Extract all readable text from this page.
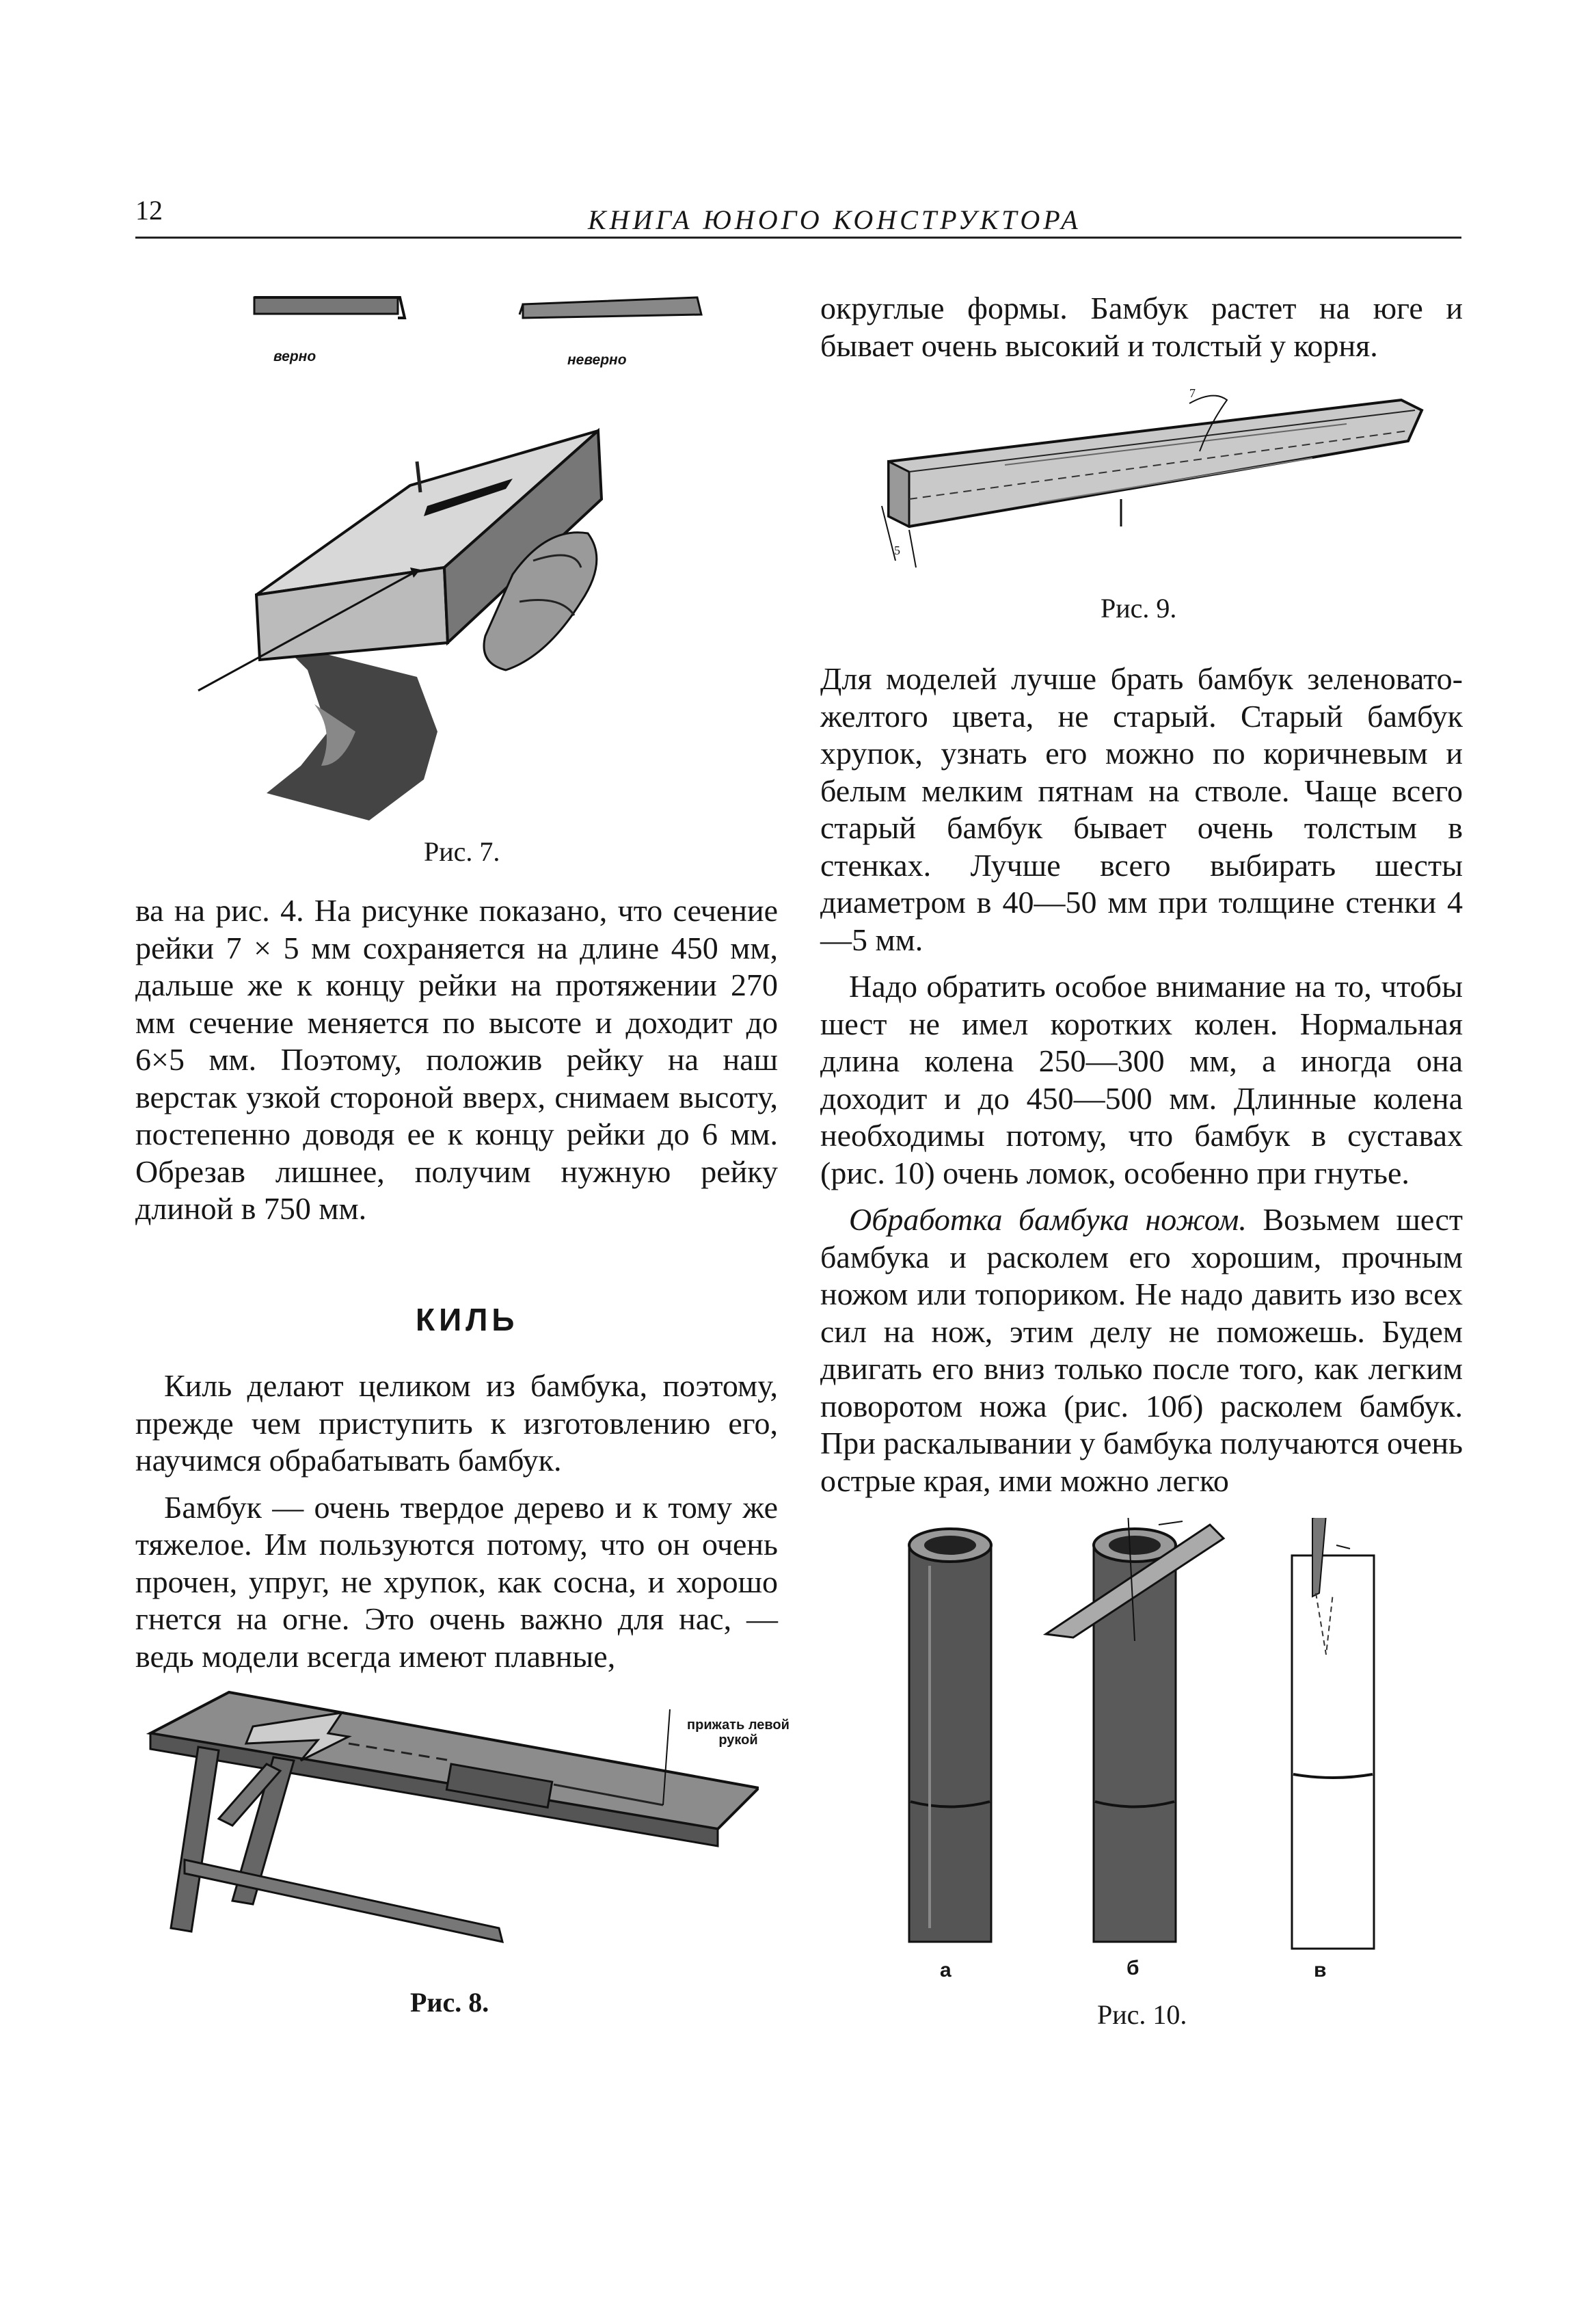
12	КНИГА ЮНОГО КОНСТРУКТОРА
верно	неверно
Рис. 7.

ва на рис. 4. На рисунке показано, что сечение рейки 7 × 5 мм сохраняется на длине 450 мм, дальше же к концу рейки на протяжении 270 мм сечение меняется по высоте и доходит до 6×5 мм. Поэтому, положив рейку на наш верстак узкой стороной вверх, снимаем высоту, постепенно доводя ее к концу рейки до 6 мм. Обрезав лишнее, получим нужную рейку длиной в 750 мм.

КИЛЬ

Киль делают целиком из бамбука, поэтому, прежде чем приступить к изготовлению его, научимся обрабатывать бамбук.

Бамбук — очень твердое дерево и к тому же тяжелое. Им пользуются потому, что он очень прочен, упруг, не хрупок, как сосна, и хорошо гнется на огне. Это очень важно для нас, — ведь модели всегда имеют плавные,

прижать левой рукой
Рис. 8.

округлые формы. Бамбук растет на юге и бывает очень высокий и толстый у корня.

7
5
Рис. 9.

Для моделей лучше брать бамбук зеленовато-желтого цвета, не старый. Старый бамбук хрупок, узнать его можно по коричневым и белым мелким пятнам на стволе. Чаще всего старый бамбук бывает очень толстым в стенках. Лучше всего выбирать шесты диаметром в 40—50 мм при толщине стенки 4—5 мм.

Надо обратить особое внимание на то, чтобы шест не имел коротких колен. Нормальная длина колена 250—300 мм, а иногда она доходит и до 450—500 мм. Длинные колена необходимы потому, что бамбук в суставах (рис. 10) очень ломок, особенно при гнутье.

Обработка бамбука ножом. Возьмем шест бамбука и расколем его хорошим, прочным ножом или топориком. Не надо давить изо всех сил на нож, этим делу не поможешь. Будем двигать его вниз только после того, как легким поворотом ножа (рис. 10б) расколем бамбук. При раскалывании у бамбука получаются очень острые края, ими можно легко

а	б	в
Рис. 10.
